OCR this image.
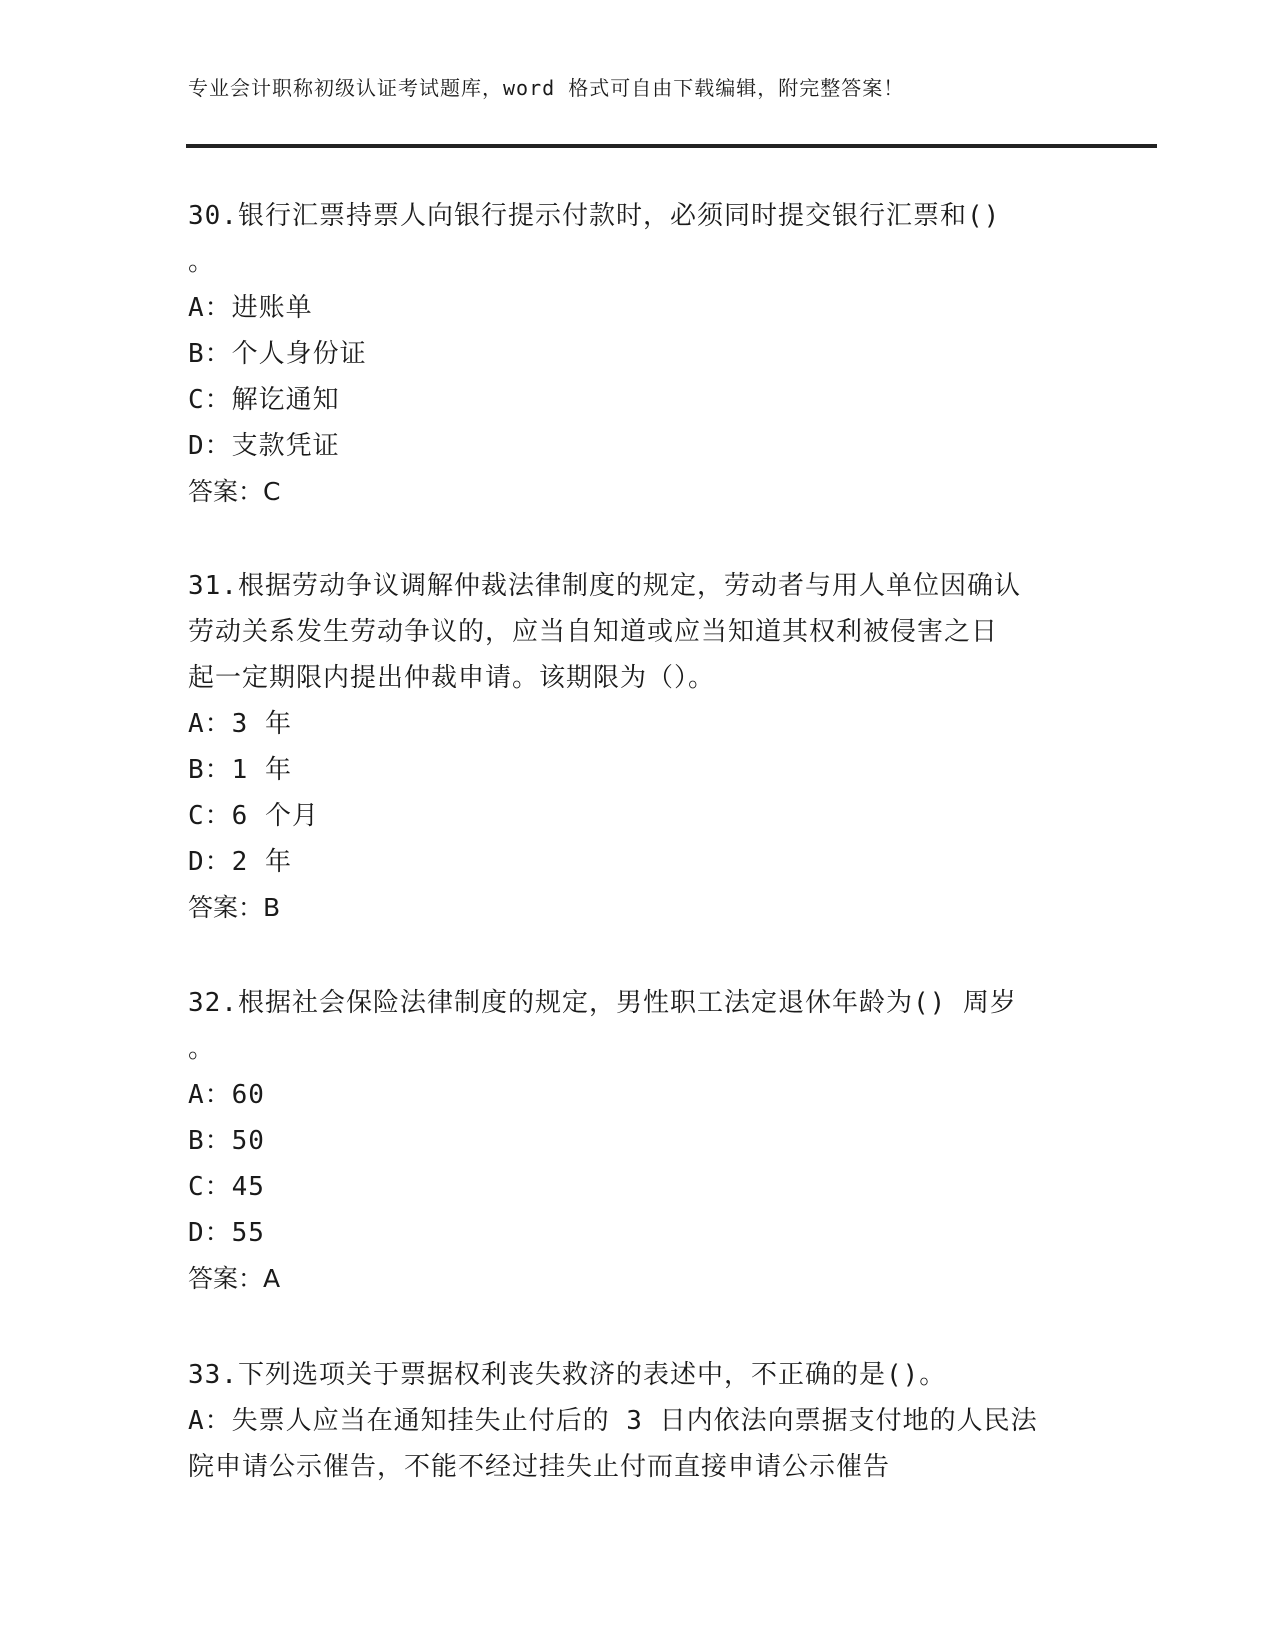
专业会计职称初级认证考试题库，word 格式可自由下载编辑，附完整答案！
30.银行汇票持票人向银行提示付款时，必须同时提交银行汇票和()
。
A：进账单
B：个人身份证
C：解讫通知
D：支款凭证
答案：C
31.根据劳动争议调解仲裁法律制度的规定，劳动者与用人单位因确认
劳动关系发生劳动争议的，应当自知道或应当知道其权利被侵害之日
起一定期限内提出仲裁申请。该期限为（）。
A：3 年
B：1 年
C：6 个月
D：2 年
答案：B
32.根据社会保险法律制度的规定，男性职工法定退休年龄为() 周岁
。
A：60
B：50
C：45
D：55
答案：A
33.下列选项关于票据权利丧失救济的表述中，不正确的是()。
A：失票人应当在通知挂失止付后的 3 日内依法向票据支付地的人民法
院申请公示催告，不能不经过挂失止付而直接申请公示催告
